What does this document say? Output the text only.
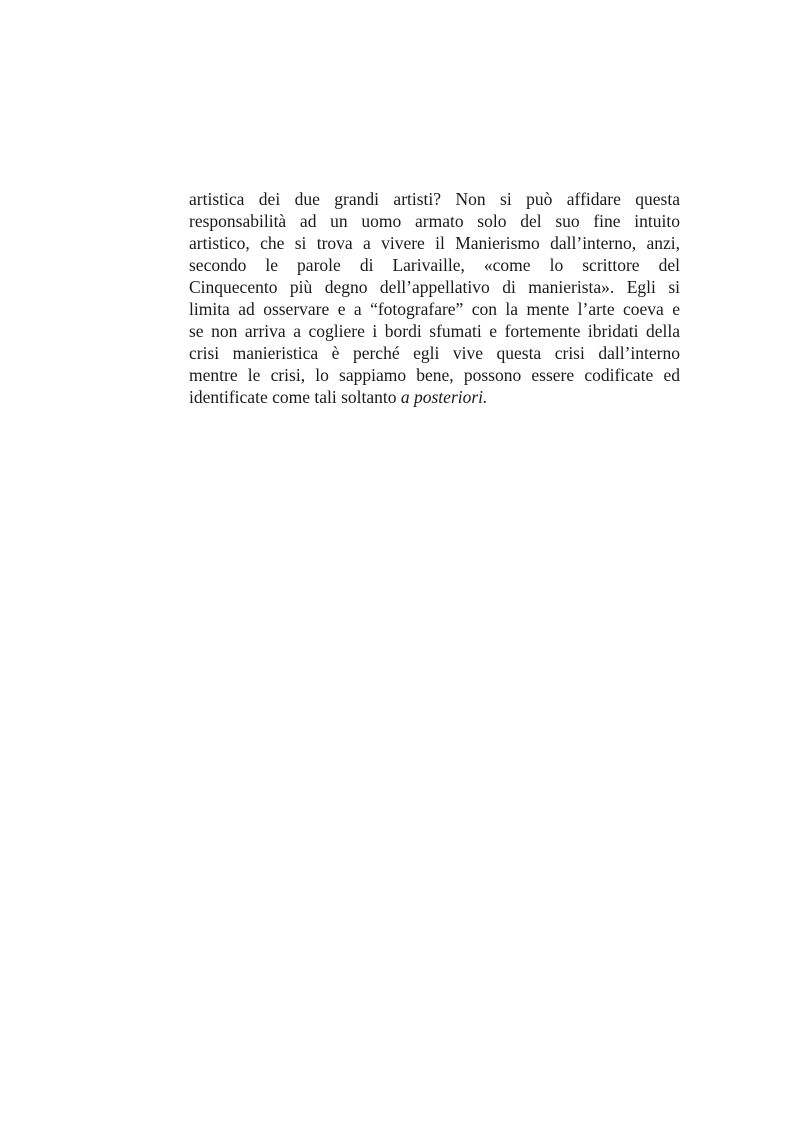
artistica dei due grandi artisti? Non si può affidare questa
responsabilità ad un uomo armato solo del suo fine intuito
artistico, che si trova a vivere il Manierismo dall’interno, anzi,
secondo le parole di Larivaille, «come lo scrittore del
Cinquecento più degno dell’appellativo di manierista». Egli si
limita ad osservare e a “fotografare” con la mente l’arte coeva e
se non arriva a cogliere i bordi sfumati e fortemente ibridati della
crisi manieristica è perché egli vive questa crisi dall’interno
mentre le crisi, lo sappiamo bene, possono essere codificate ed
identificate come tali soltanto a posteriori.
